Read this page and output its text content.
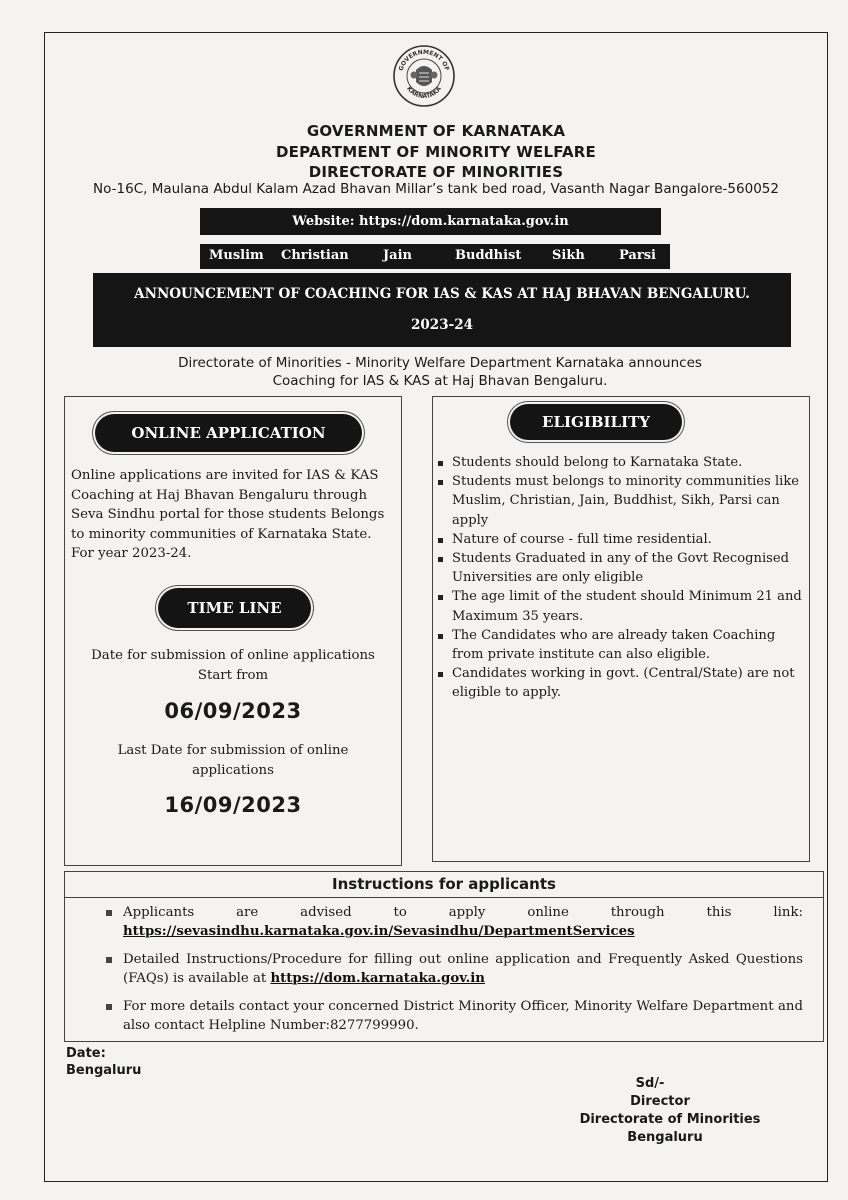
GOVERNMENT OF
KARNATAKA
GOVERNMENT OF KARNATAKA
DEPARTMENT OF MINORITY WELFARE
DIRECTORATE OF MINORITIES
No-16C, Maulana Abdul Kalam Azad Bhavan Millar’s tank bed road, Vasanth Nagar Bangalore-560052
Website: https://dom.karnataka.gov.in
Muslim Christian	Jain	Buddhist Sikh	Parsi
ANNOUNCEMENT OF COACHING FOR IAS & KAS AT HAJ BHAVAN BENGALURU.
2023-24
Directorate of Minorities - Minority Welfare Department Karnataka announces
Coaching for IAS & KAS at Haj Bhavan Bengaluru.
ONLINE APPLICATION
Online applications are invited for IAS & KAS
Coaching at Haj Bhavan Bengaluru through
Seva Sindhu portal for those students Belongs
to minority communities of Karnataka State.
For year 2023-24.
TIME LINE
Date for submission of online applications
Start from
06/09/2023
Last Date for submission of online
applications
16/09/2023
ELIGIBILITY
Students should belong to Karnataka State.
Students must belongs to minority communities like Muslim, Christian, Jain, Buddhist, Sikh, Parsi can apply
Nature of course - full time residential.
Students Graduated in any of the Govt Recognised Universities are only eligible
The age limit of the student should Minimum 21 and Maximum 35 years.
The Candidates who are already taken Coaching from private institute can also eligible.
Candidates working in govt. (Central/State) are not eligible to apply.
Instructions for applicants
Applicants are advised to apply online through this link: https://sevasindhu.karnataka.gov.in/Sevasindhu/DepartmentServices
Detailed Instructions/Procedure for filling out online application and Frequently Asked Questions (FAQs) is available at https://dom.karnataka.gov.in
For more details contact your concerned District Minority Officer, Minority Welfare Department and also contact Helpline Number:8277799990.
Date:
Bengaluru
Sd/-
Director
Directorate of Minorities
Bengaluru
